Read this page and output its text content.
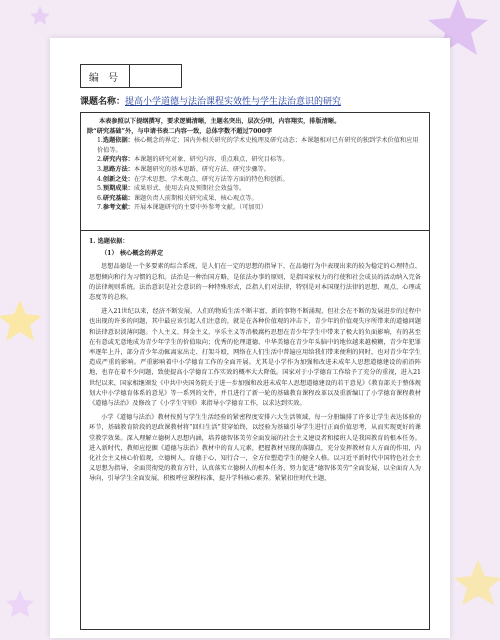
编 号
课题名称：提高小学道德与法治课程实效性与学生法治意识的研究
本表参照以下提纲撰写，要求逻辑清晰，主题名突出，层次分明，内容翔实，排版清晰。
除“研究基础”外，与申请书表二内容一致，总体字数不超过7000字
1.选题依据：核心概念的界定；国内外相关研究的学术史梳理及研究动态；本课题相对已有研究的独到学术价值和应用价值等。
2.研究内容：本课题的研究对象、研究内容、重点难点、研究目标等。
3.思路方法：本课题研究的基本思路、研究方法、研究步骤等。
4.创新之处：在学术思想、学术观点、研究方法等方面的特色和创新。
5.预期成果：成果形式、使用去向及预期社会效益等。
6.研究基础：课题负责人前期相关研究成果、核心观点等。
7.参考文献：开展本课题研究的主要中外参考文献。（可加页）
1. 选题依据：
（1） 核心概念的界定

思想品德是一个多要素的综合系统，是人们在一定的思想的指导下，在品德行为中表现出来的较为稳定的心理特点、思想倾向和行为习惯的总和。法治是一种治国方略，是依法办事的原则，是指国家权力的行使和社会成员的活动纳入完备的法律规则系统。法治意识是社会意识的一种特殊形式，泛指人们对法律，特别是对本国现行法律的思想、观点、心理或态度等的总称。

进入21世纪以来，经济不断发展，人们的物质生活不断丰富，新的事物不断涌现，但社会在不断的发展进步的过程中也出现的许多的问题，其中最应该引起人们注意的，就是在各种价值观的冲击下，青少年的价值观失序所带来的道德问题和法律意识淡薄问题。个人主义、拜金主义、享乐主义等消极腐朽思想在青少年学生中带来了极大的负面影响，有的甚至在有意或无意地成为青少年学生的价值取向；优秀的伦理道德、中华美德在青少年头脑中的地位越来越模糊，青少年犯罪率逐年上升，部分青少年动辄离家出走、打架斗殴，网络在人们生活中普遍应用给我们带来便利的同时，也对青少年学生造成严重的影响。严重影响着中小学德育工作的全面开展。尤其是小学作为加强和改进未成年人思想道德建设的前沿阵地，也存在着不少问题，致使提高小学德育工作实效的概率大大降低。国家对于小学德育工作给予了充分的重视，进入21世纪以来，国家相继颁发《中共中央国务院关于进一步加强和改进未成年人思想道德建设的若干意见》《教育部关于整体规划大中小学德育体系的意见》等一系列的文件，并且进行了新一轮的基础教育课程改革以及重新编订了小学德育课程教材《道德与法治》及修改了《小学生守则》来指导小学德育工作，以求达到实效。

小学《道德与法治》教材按照与学生生活经验的紧密程度安排六大生活领域，每一分册编排了许多让学生表达体验的环节，基础教育阶段的思政课教材将“回归生活”贯穿始终，以经验为基础引导学生进行正面价值思考，从而实现更好的课堂教学效果。深入理解立德树人思想内涵，培养德智体美劳全面发展的社会主义建设者和接班人是我国教育的根本任务。进入新时代，教师应挖掘《道德与法治》教材中的育人元素，把握教材呈现的落脚点，充分发挥教材育人方面的作用，内化社会主义核心价值观，立德树人，育德于心，知行合一，全方位塑造学生的健全人格。以习近平新时代中国特色社会主义思想为指导，全面贯彻党的教育方针，认真落实立德树人的根本任务，努力促进“德智体美劳”全面发展，以全面育人为导向，引导学生全面发展，积极呼应课程标准，提升学科核心素养。紧紧扣住时代主题，
